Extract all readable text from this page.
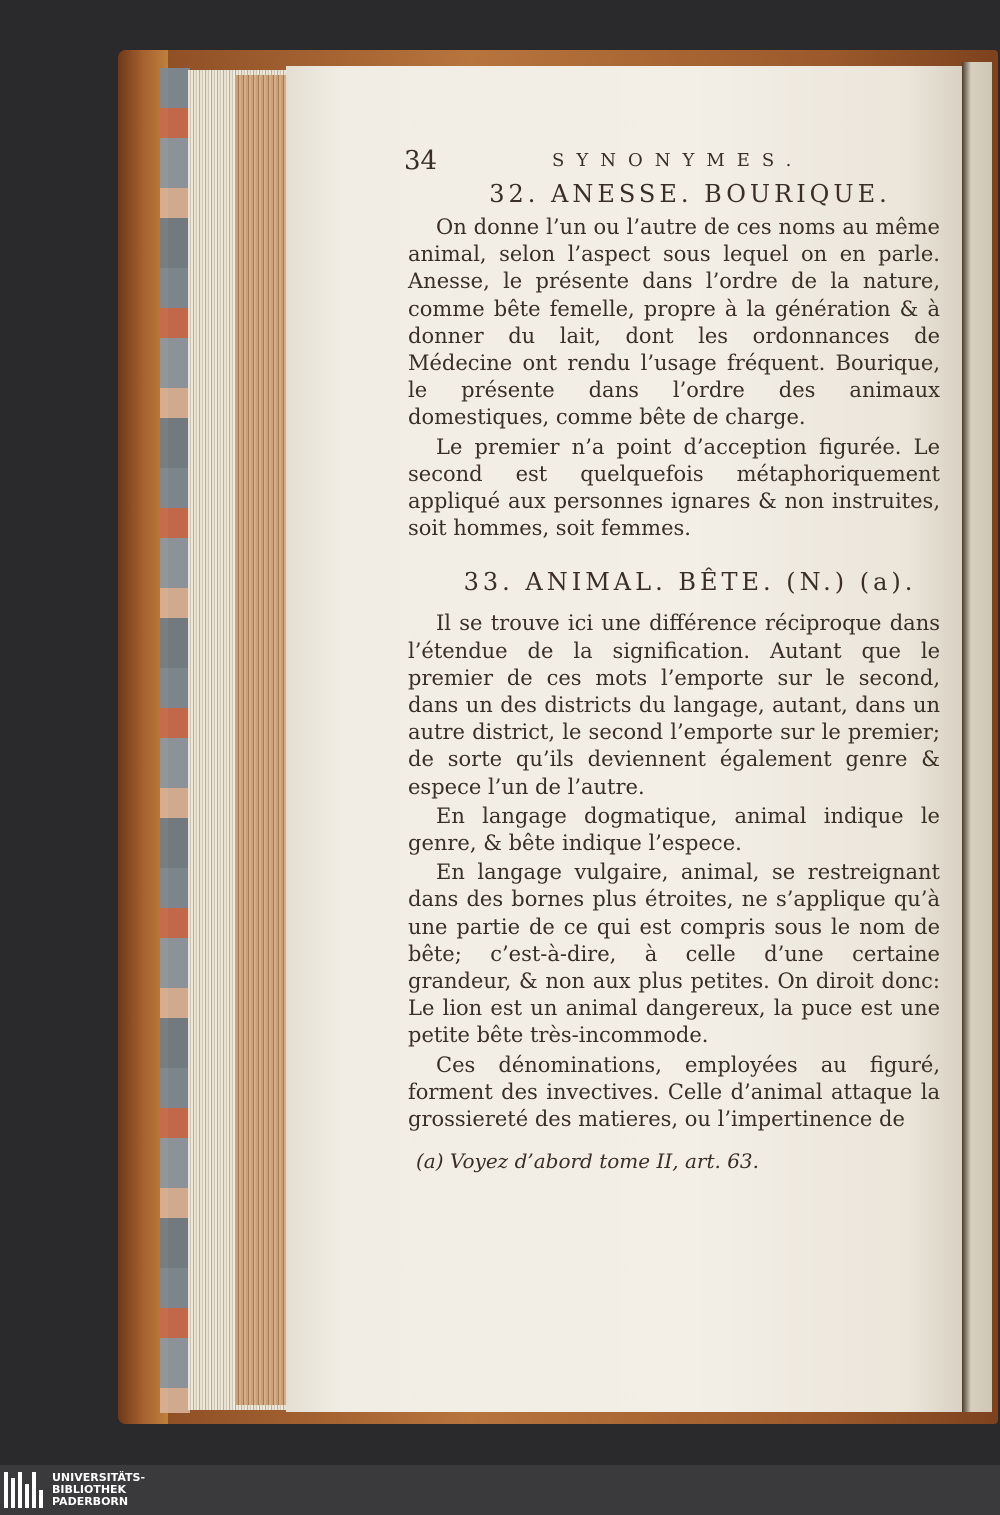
34	SYNONYMES.
32. ANESSE. BOURIQUE.

On donne l’un ou l’autre de ces noms au même animal, selon l’aspect sous lequel on en parle. Anesse, le présente dans l’ordre de la nature, comme bête femelle, propre à la génération & à donner du lait, dont les ordonnances de Médecine ont rendu l’usage fréquent. Bourique, le présente dans l’ordre des animaux domestiques, comme bête de charge.

Le premier n’a point d’acception figurée. Le second est quelquefois métaphoriquement appliqué aux personnes ignares & non instruites, soit hommes, soit femmes.

33. ANIMAL. BÊTE. (N.) (a).

Il se trouve ici une différence réciproque dans l’étendue de la signification. Autant que le premier de ces mots l’emporte sur le second, dans un des districts du langage, autant, dans un autre district, le second l’emporte sur le premier; de sorte qu’ils deviennent également genre & espece l’un de l’autre.

En langage dogmatique, animal indique le genre, & bête indique l’espece.

En langage vulgaire, animal, se restreignant dans des bornes plus étroites, ne s’applique qu’à une partie de ce qui est compris sous le nom de bête; c’est-à-dire, à celle d’une certaine grandeur, & non aux plus petites. On diroit donc: Le lion est un animal dangereux, la puce est une petite bête très-incommode.

Ces dénominations, employées au figuré, forment des invectives. Celle d’animal attaque la grossiereté des matieres, ou l’impertinence de

(a) Voyez d’abord tome II, art. 63.
UNIVERSITÄTS-
BIBLIOTHEK
PADERBORN
